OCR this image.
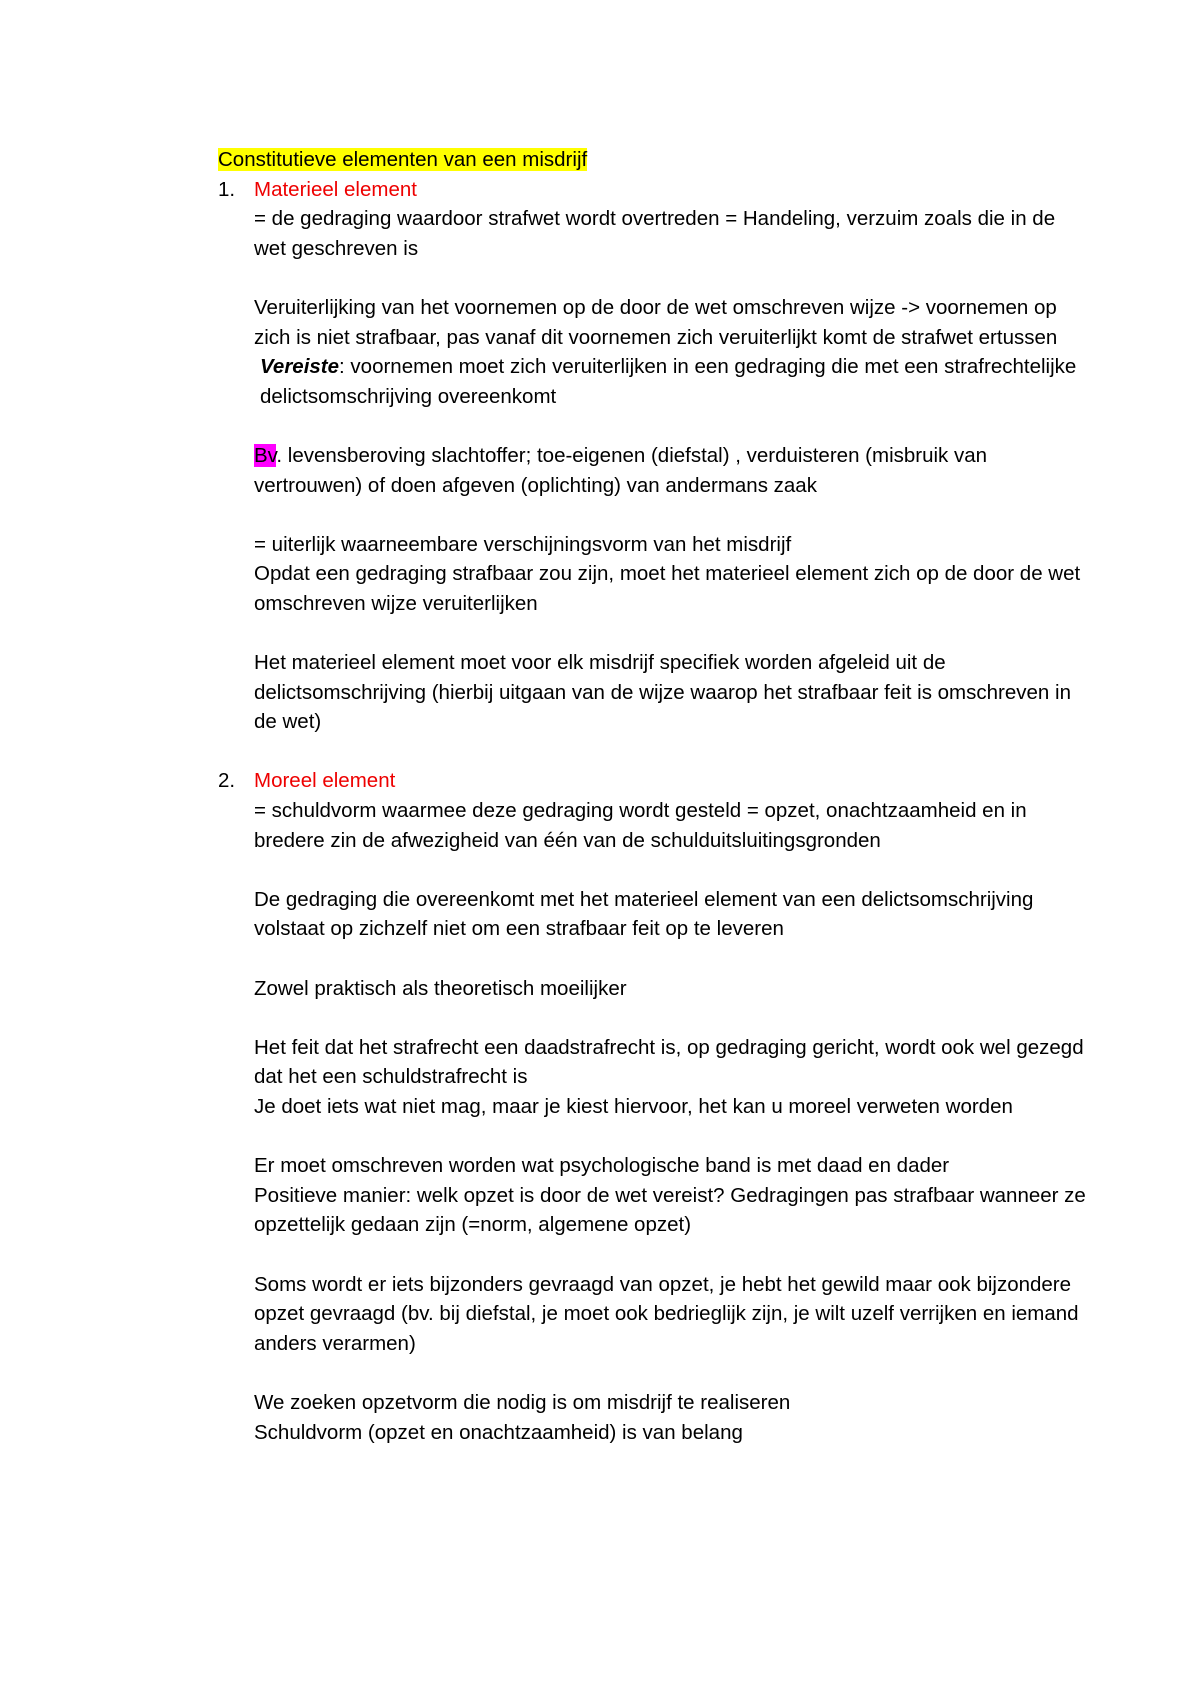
Constitutieve elementen van een misdrijf
1. Materieel element

= de gedraging waardoor strafwet wordt overtreden = Handeling, verzuim zoals die in de wet geschreven is

Veruiterlijking van het voornemen op de door de wet omschreven wijze -> voornemen op zich is niet strafbaar, pas vanaf dit voornemen zich veruiterlijkt komt de strafwet ertussen

Vereiste: voornemen moet zich veruiterlijken in een gedraging die met een strafrechtelijke delictsomschrijving overeenkomt

Bv. levensberoving slachtoffer; toe-eigenen (diefstal) , verduisteren (misbruik van vertrouwen) of doen afgeven (oplichting) van andermans zaak

= uiterlijk waarneembare verschijningsvorm van het misdrijf

Opdat een gedraging strafbaar zou zijn, moet het materieel element zich op de door de wet omschreven wijze veruiterlijken

Het materieel element moet voor elk misdrijf specifiek worden afgeleid uit de delictsomschrijving (hierbij uitgaan van de wijze waarop het strafbaar feit is omschreven in de wet)

2. Moreel element

= schuldvorm waarmee deze gedraging wordt gesteld = opzet, onachtzaamheid en in bredere zin de afwezigheid van één van de schulduitsluitingsgronden

De gedraging die overeenkomt met het materieel element van een delictsomschrijving volstaat op zichzelf niet om een strafbaar feit op te leveren

Zowel praktisch als theoretisch moeilijker

Het feit dat het strafrecht een daadstrafrecht is, op gedraging gericht, wordt ook wel gezegd dat het een schuldstrafrecht is

Je doet iets wat niet mag, maar je kiest hiervoor, het kan u moreel verweten worden

Er moet omschreven worden wat psychologische band is met daad en dader

Positieve manier: welk opzet is door de wet vereist? Gedragingen pas strafbaar wanneer ze opzettelijk gedaan zijn (=norm, algemene opzet)

Soms wordt er iets bijzonders gevraagd van opzet, je hebt het gewild maar ook bijzondere opzet gevraagd (bv. bij diefstal, je moet ook bedrieglijk zijn, je wilt uzelf verrijken en iemand anders verarmen)

We zoeken opzetvorm die nodig is om misdrijf te realiseren

Schuldvorm (opzet en onachtzaamheid) is van belang
